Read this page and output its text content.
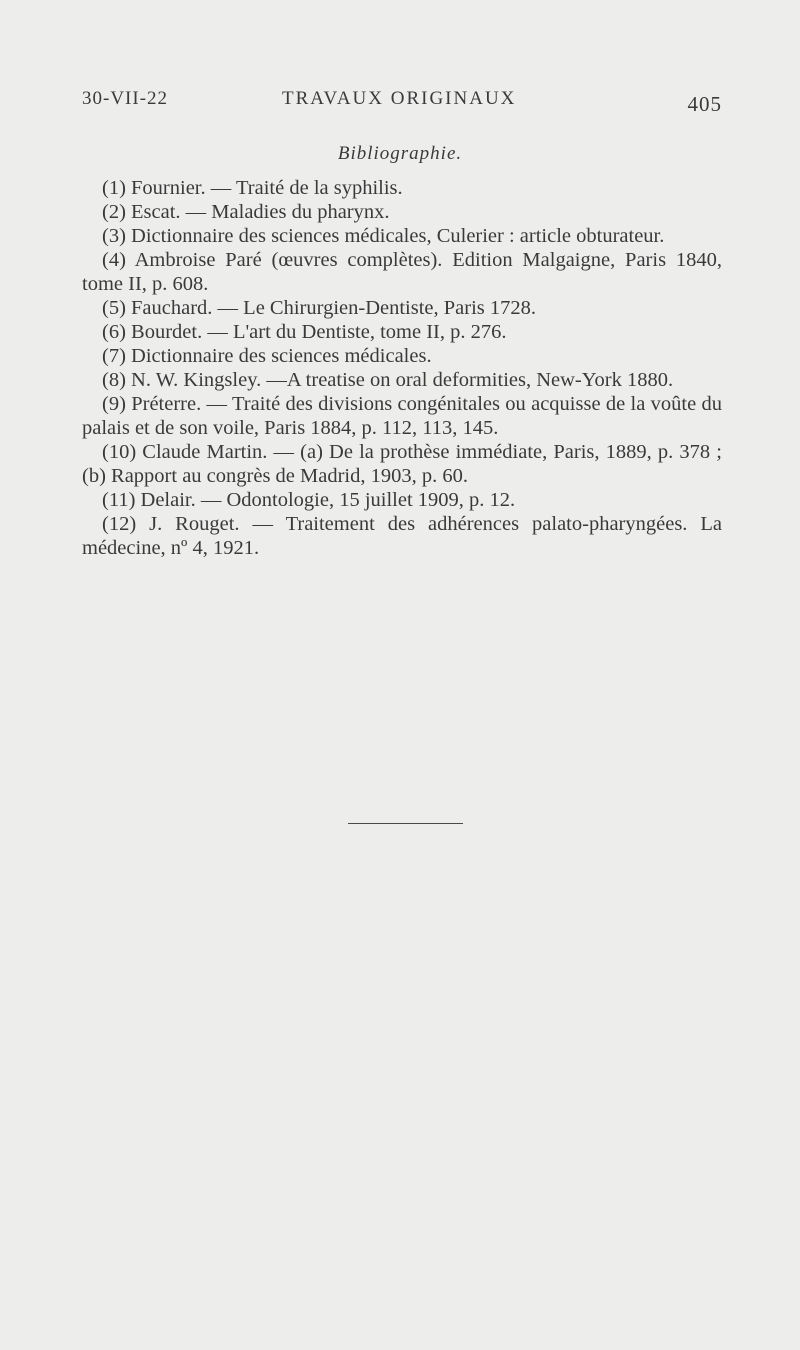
30-VII-22	TRAVAUX ORIGINAUX	405
Bibliographie.
(1) Fournier. — Traité de la syphilis.
(2) Escat. — Maladies du pharynx.
(3) Dictionnaire des sciences médicales, Culerier : article obturateur.
(4) Ambroise Paré (œuvres complètes). Edition Malgaigne, Paris 1840, tome II, p. 608.
(5) Fauchard. — Le Chirurgien-Dentiste, Paris 1728.
(6) Bourdet. — L'art du Dentiste, tome II, p. 276.
(7) Dictionnaire des sciences médicales.
(8) N. W. Kingsley. —A treatise on oral deformities, New-York 1880.
(9) Préterre. — Traité des divisions congénitales ou acquisse de la voûte du palais et de son voile, Paris 1884, p. 112, 113, 145.
(10) Claude Martin. — (a) De la prothèse immédiate, Paris, 1889, p. 378 ; (b) Rapport au congrès de Madrid, 1903, p. 60.
(11) Delair. — Odontologie, 15 juillet 1909, p. 12.
(12) J. Rouget. — Traitement des adhérences palato-pharyngées. La médecine, nº 4, 1921.
